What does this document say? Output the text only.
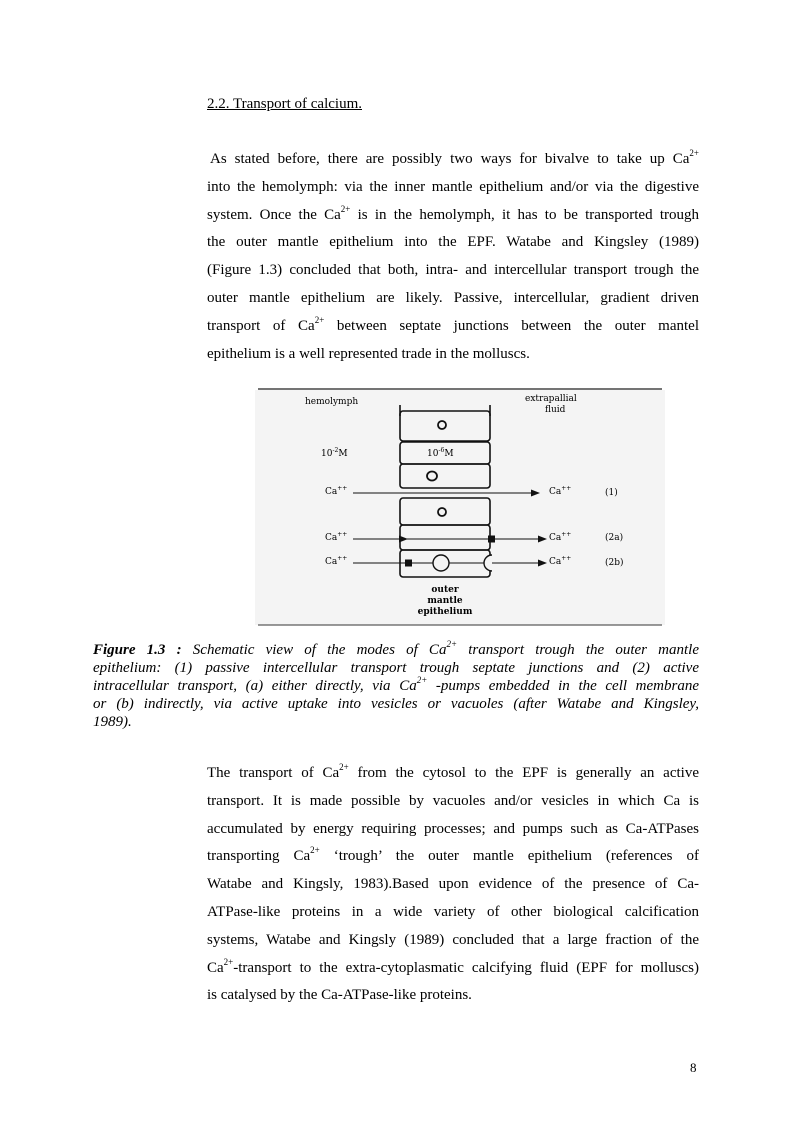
2.2. Transport of calcium.

As stated before, there are possibly two ways for bivalve to take up $Ca^{2+}$
into the hemolymph: via the inner mantle epithelium and/or via the digestive
system. Once the $Ca^{2+}$ is in the hemolymph, it has to be transported trough
the outer mantle epithelium into the EPF. Watabe and Kingsley (1989)
(Figure 1.3) concluded that both, intra- and intercellular transport trough the
outer mantle epithelium are likely. Passive, intercellular, gradient driven
transport of $Ca^{2+}$ between septate junctions between the outer mantel
epithelium is a well represented trade in the molluscs.

hemolymph	extrapallial
fluid
$10^{-2}M$	$10^{-6}M$
Ca++	Ca++	(1)
Ca++	Ca++	(2a)
Ca++	Ca++	(2b)
outer
mantle
epithelium

Figure 1.3 : Schematic view of the modes of $Ca^{2+}$ transport trough the outer mantle
epithelium: (1) passive intercellular transport trough septate junctions and (2) active
intracellular transport, (a) either directly, via $Ca^{2+}$ -pumps embedded in the cell membrane
or (b) indirectly, via active uptake into vesicles or vacuoles (after Watabe and Kingsley,
1989).

The transport of $Ca^{2+}$ from the cytosol to the EPF is generally an active
transport. It is made possible by vacuoles and/or vesicles in which Ca is
accumulated by energy requiring processes; and pumps such as Ca-ATPases
transporting $Ca^{2+}$ ‘trough’ the outer mantle epithelium (references of
Watabe and Kingsly, 1983).Based upon evidence of the presence of Ca-
ATPase-like proteins in a wide variety of other biological calcification
systems, Watabe and Kingsly (1989) concluded that a large fraction of the
$Ca^{2+}$-transport to the extra-cytoplasmatic calcifying fluid (EPF for molluscs)
is catalysed by the Ca-ATPase-like proteins.

8
